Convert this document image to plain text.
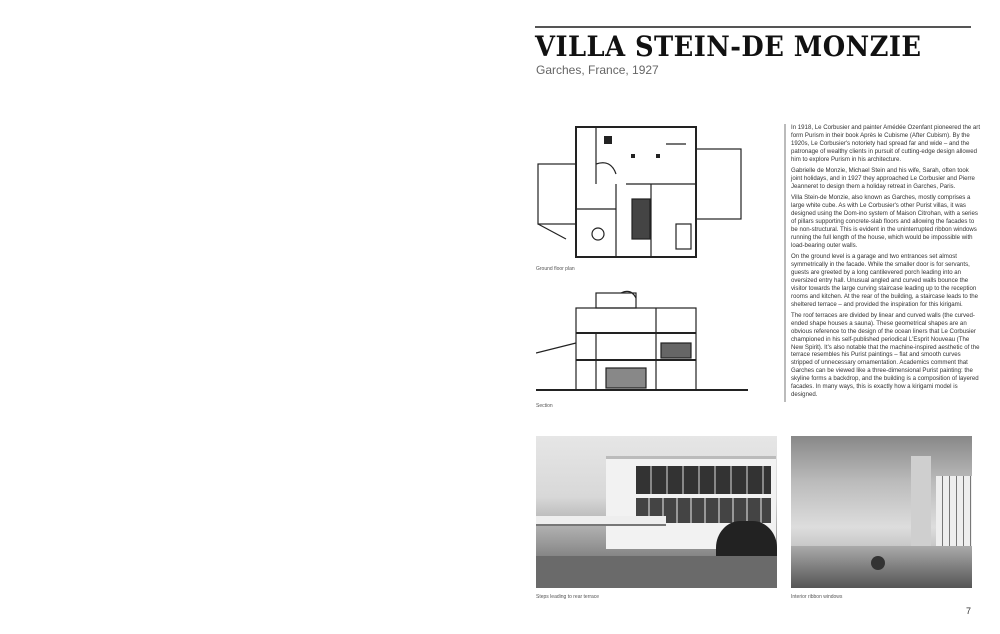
VILLA STEIN-DE MONZIE
Garches, France, 1927
Ground floor plan
Section

In 1918, Le Corbusier and painter Amédée Ozenfant pioneered the art form Purism in their book Après le Cubisme (After Cubism). By the 1920s, Le Corbusier's notoriety had spread far and wide – and the patronage of wealthy clients in pursuit of cutting-edge design allowed him to explore Purism in his architecture.

Gabrielle de Monzie, Michael Stein and his wife, Sarah, often took joint holidays, and in 1927 they approached Le Corbusier and Pierre Jeanneret to design them a holiday retreat in Garches, Paris.

Villa Stein-de Monzie, also known as Garches, mostly comprises a large white cube. As with Le Corbusier's other Purist villas, it was designed using the Dom-ino system of Maison Citrohan, with a series of pillars supporting concrete-slab floors and allowing the facades to be non-structural. This is evident in the uninterrupted ribbon windows running the full length of the house, which would be impossible with load-bearing outer walls.

On the ground level is a garage and two entrances set almost symmetrically in the facade. While the smaller door is for servants, guests are greeted by a long cantilevered porch leading into an oversized entry hall. Unusual angled and curved walls bounce the visitor towards the large curving staircase leading up to the reception rooms and kitchen. At the rear of the building, a staircase leads to the sheltered terrace – and provided the inspiration for this kirigami.

The roof terraces are divided by linear and curved walls (the curved-ended shape houses a sauna). These geometrical shapes are an obvious reference to the design of the ocean liners that Le Corbusier championed in his self-published periodical L'Esprit Nouveau (The New Spirit). It's also notable that the machine-inspired aesthetic of the terrace resembles his Purist paintings – flat and smooth curves stripped of unnecessary ornamentation. Academics comment that Garches can be viewed like a three-dimensional Purist painting: the skyline forms a backdrop, and the building is a composition of layered facades. In many ways, this is exactly how a kirigami model is designed.

Steps leading to rear terrace	Interior ribbon windows
7
